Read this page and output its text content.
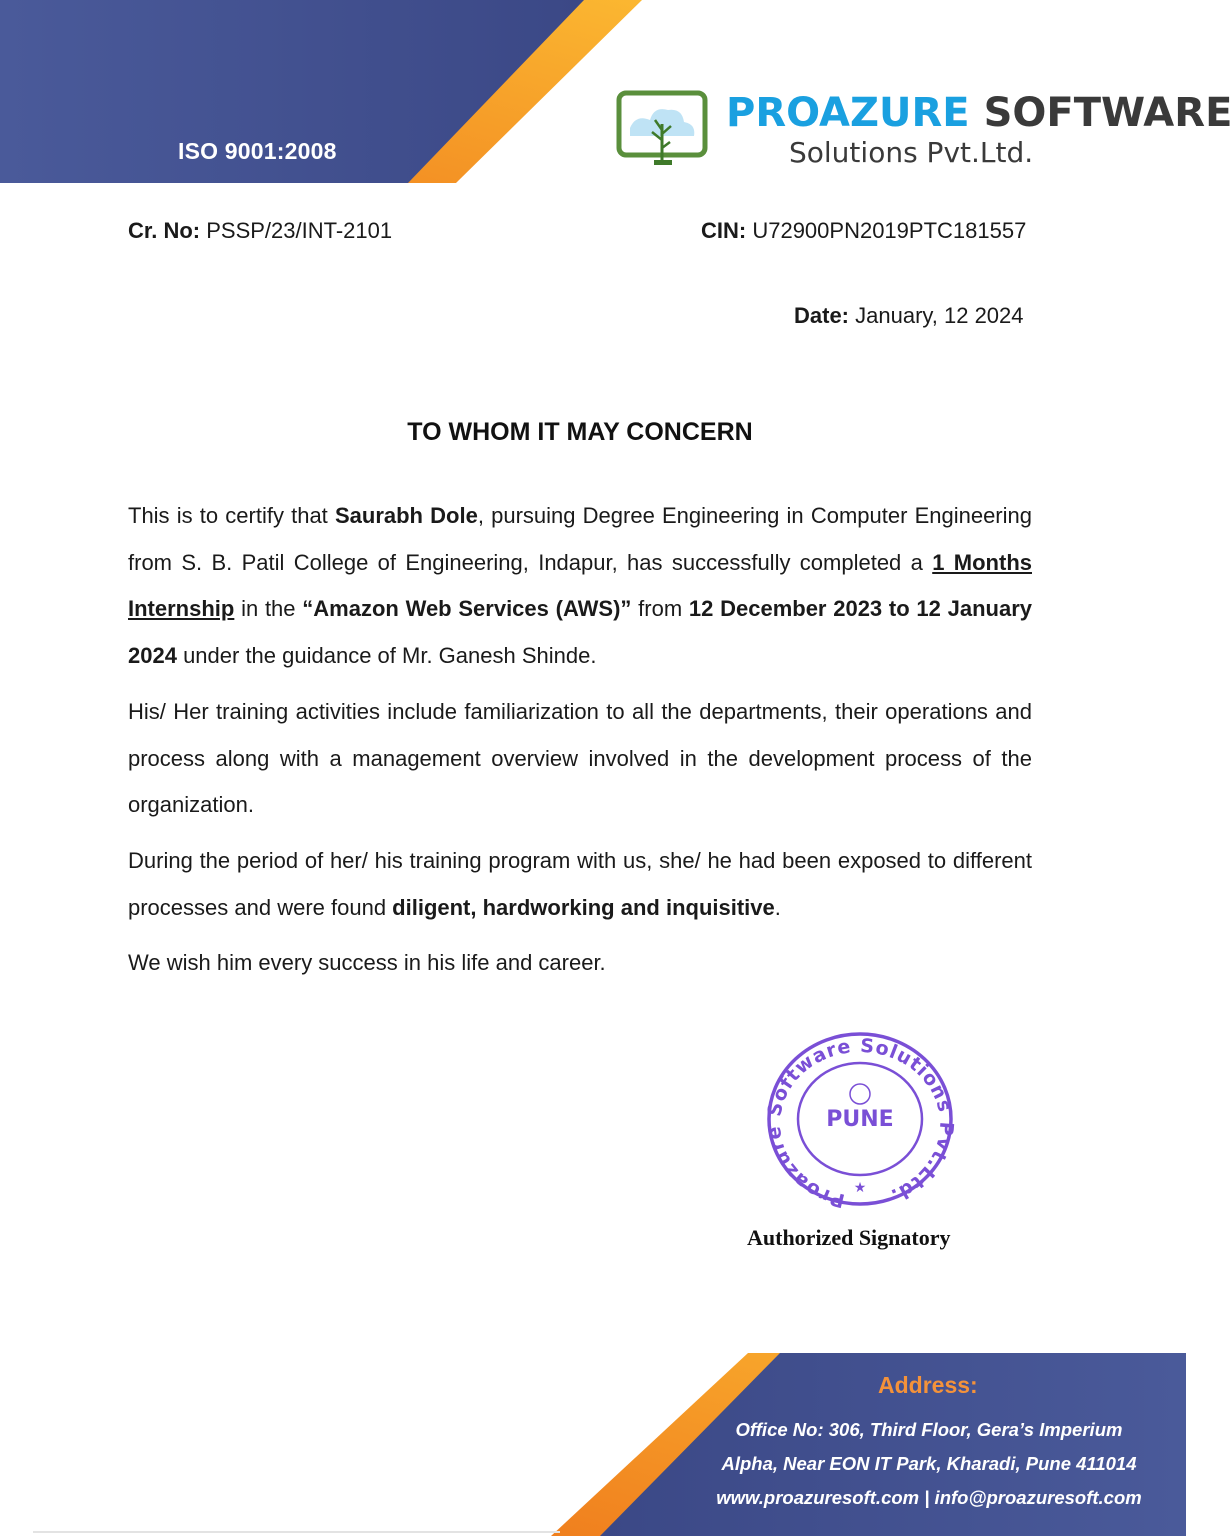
ISO 9001:2008
PROAZURE SOFTWARE
Solutions Pvt.Ltd.
Cr. No: PSSP/23/INT-2101	CIN: U72900PN2019PTC181557
Date: January, 12 2024
TO WHOM IT MAY CONCERN

This is to certify that Saurabh Dole, pursuing Degree Engineering in Computer Engineering from S. B. Patil College of Engineering, Indapur, has successfully completed a 1 Months Internship in the “Amazon Web Services (AWS)” from 12 December 2023 to 12 January 2024 under the guidance of Mr. Ganesh Shinde.

His/ Her training activities include familiarization to all the departments, their operations and process along with a management overview involved in the development process of the organization.

During the period of her/ his training program with us, she/ he had been exposed to different processes and were found diligent, hardworking and inquisitive.

We wish him every success in his life and career.

Proazure Software Solutions Pvt.Ltd.
PUNE
★
Authorized Signatory
Address:
Office No: 306, Third Floor, Gera’s Imperium
Alpha, Near EON IT Park, Kharadi, Pune 411014
www.proazuresoft.com | info@proazuresoft.com
